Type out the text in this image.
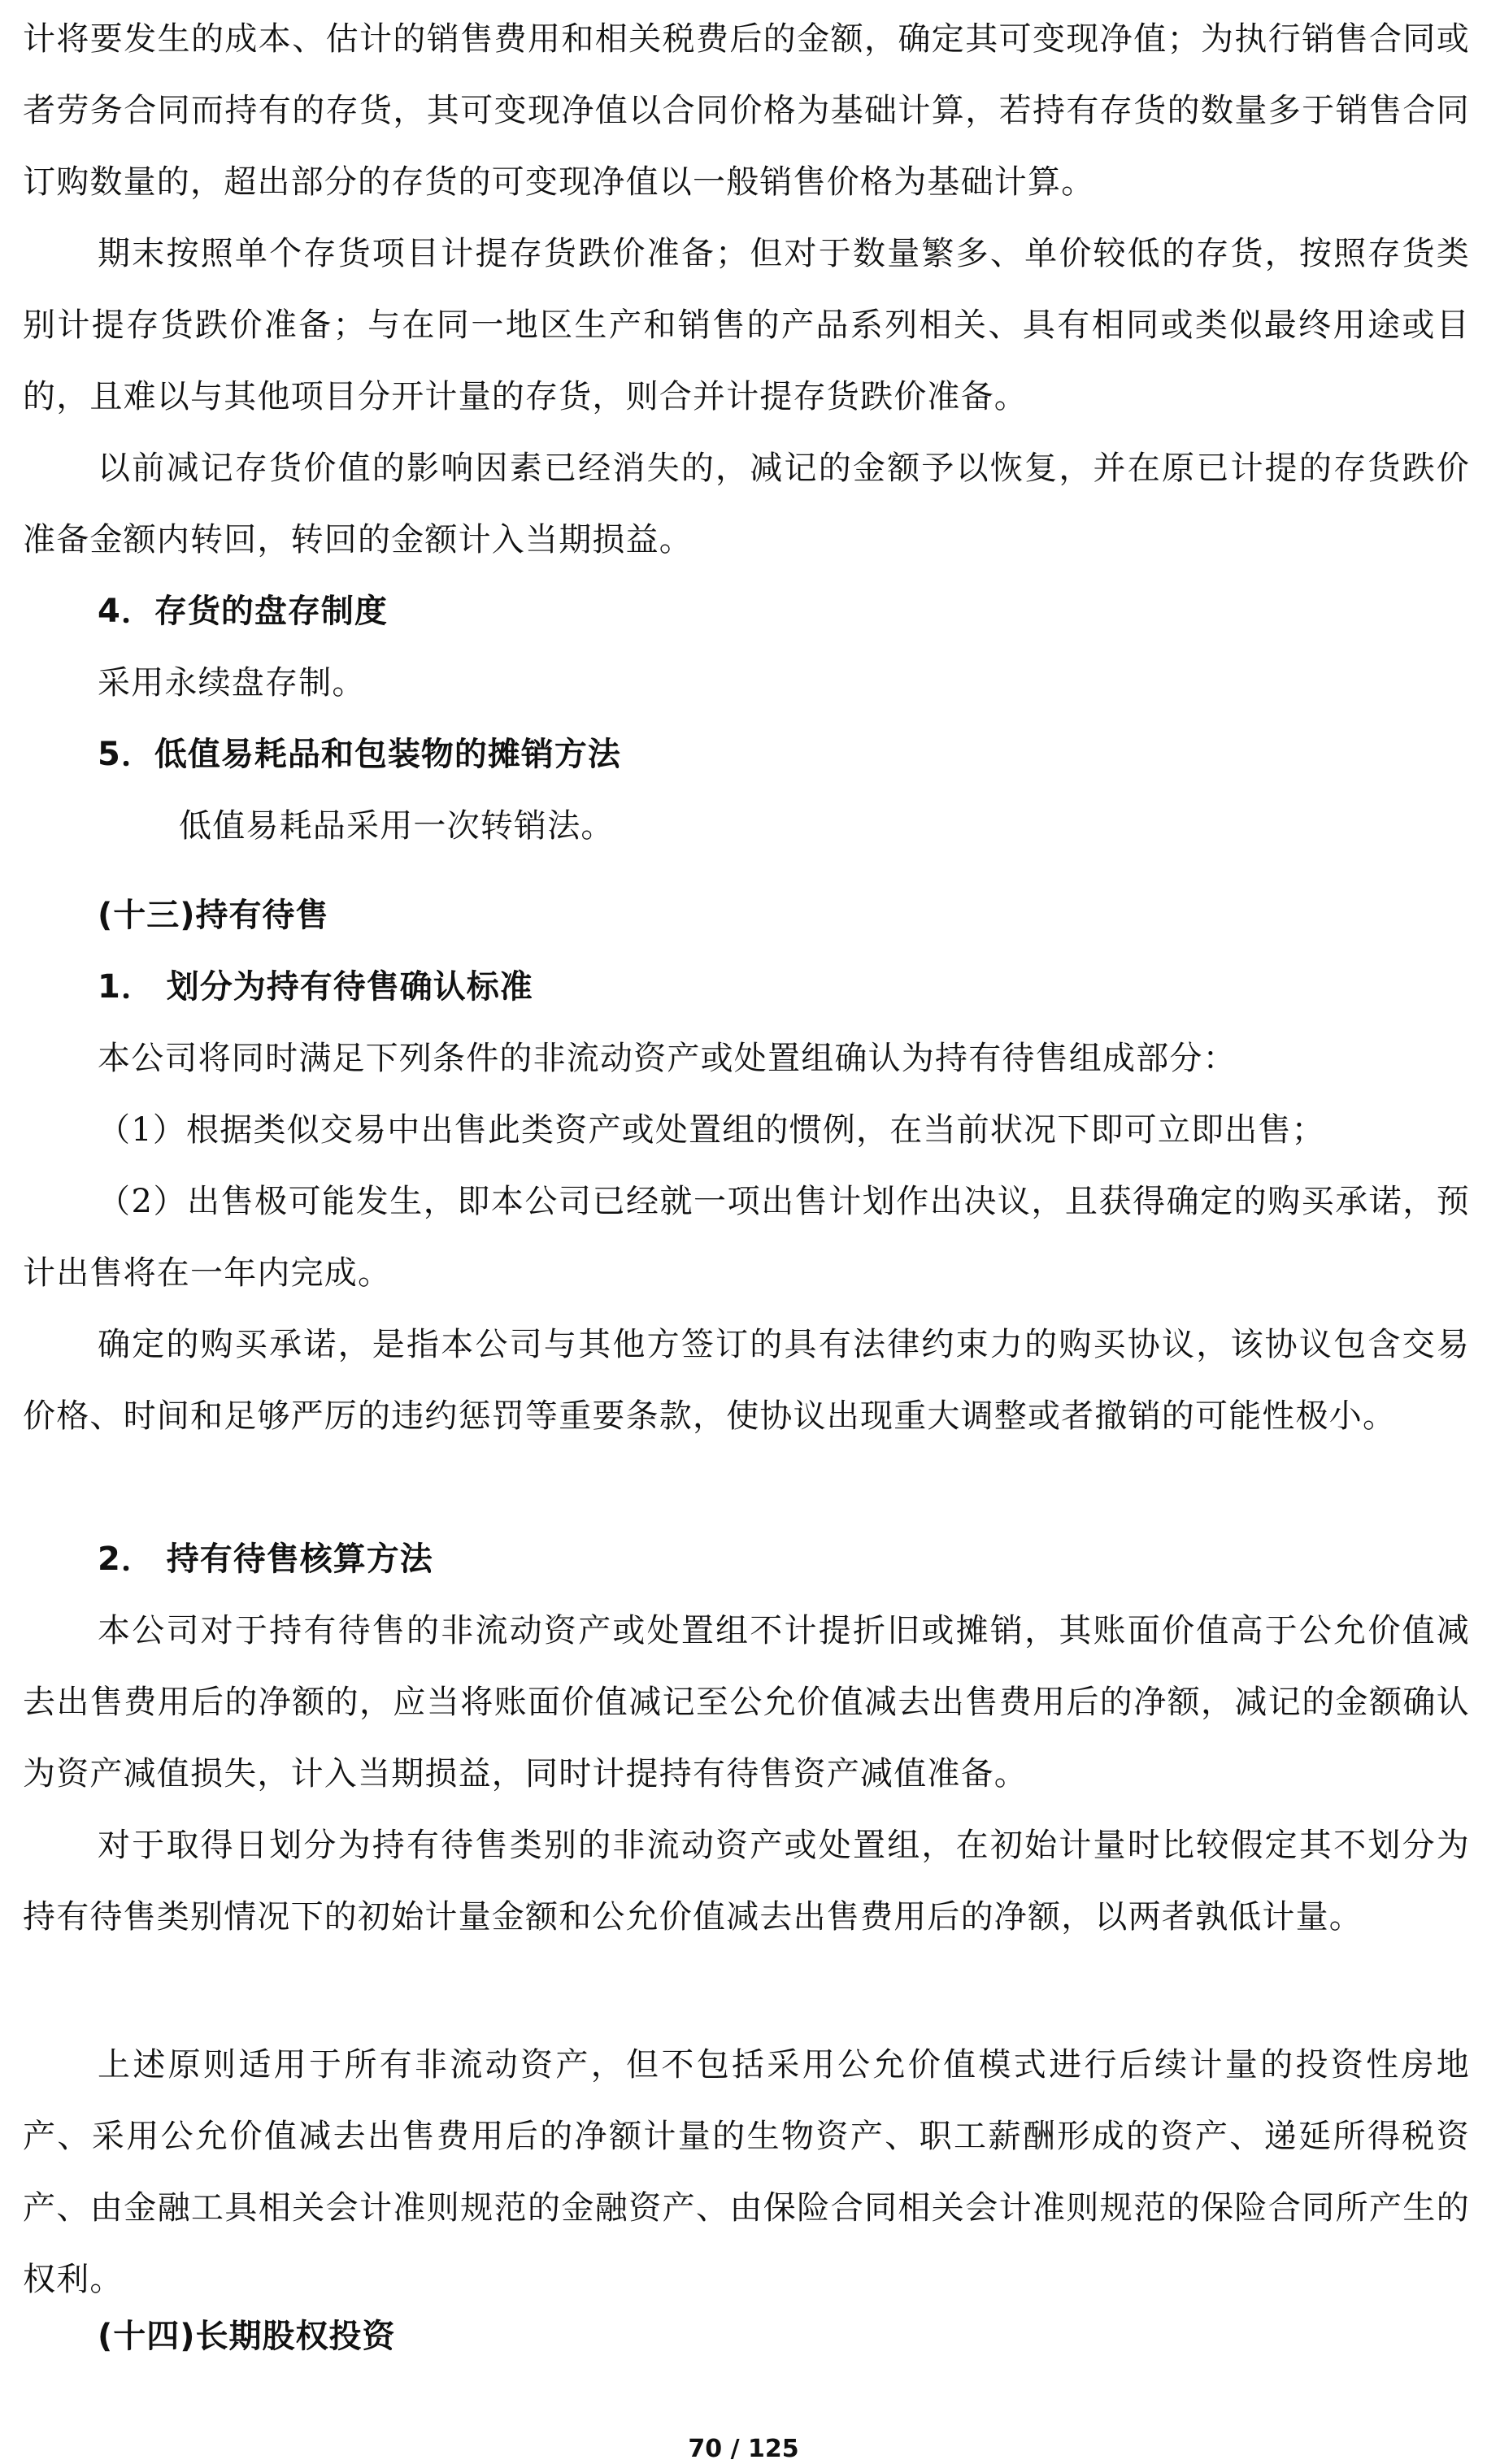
计将要发生的成本、估计的销售费用和相关税费后的金额，确定其可变现净值；为执行销售合同或者劳务合同而持有的存货，其可变现净值以合同价格为基础计算，若持有存货的数量多于销售合同订购数量的，超出部分的存货的可变现净值以一般销售价格为基础计算。

期末按照单个存货项目计提存货跌价准备；但对于数量繁多、单价较低的存货，按照存货类别计提存货跌价准备；与在同一地区生产和销售的产品系列相关、具有相同或类似最终用途或目的，且难以与其他项目分开计量的存货，则合并计提存货跌价准备。

以前减记存货价值的影响因素已经消失的，减记的金额予以恢复，并在原已计提的存货跌价准备金额内转回，转回的金额计入当期损益。

4．存货的盘存制度

采用永续盘存制。

5．低值易耗品和包装物的摊销方法

低值易耗品采用一次转销法。

(十三)持有待售

1． 划分为持有待售确认标准

本公司将同时满足下列条件的非流动资产或处置组确认为持有待售组成部分：

（1）根据类似交易中出售此类资产或处置组的惯例，在当前状况下即可立即出售；

（2）出售极可能发生，即本公司已经就一项出售计划作出决议，且获得确定的购买承诺，预计出售将在一年内完成。

确定的购买承诺，是指本公司与其他方签订的具有法律约束力的购买协议，该协议包含交易价格、时间和足够严厉的违约惩罚等重要条款，使协议出现重大调整或者撤销的可能性极小。

2． 持有待售核算方法

本公司对于持有待售的非流动资产或处置组不计提折旧或摊销，其账面价值高于公允价值减去出售费用后的净额的，应当将账面价值减记至公允价值减去出售费用后的净额，减记的金额确认为资产减值损失，计入当期损益，同时计提持有待售资产减值准备。

对于取得日划分为持有待售类别的非流动资产或处置组，在初始计量时比较假定其不划分为持有待售类别情况下的初始计量金额和公允价值减去出售费用后的净额，以两者孰低计量。

上述原则适用于所有非流动资产，但不包括采用公允价值模式进行后续计量的投资性房地产、采用公允价值减去出售费用后的净额计量的生物资产、职工薪酬形成的资产、递延所得税资产、由金融工具相关会计准则规范的金融资产、由保险合同相关会计准则规范的保险合同所产生的权利。

(十四)长期股权投资

70 / 125
